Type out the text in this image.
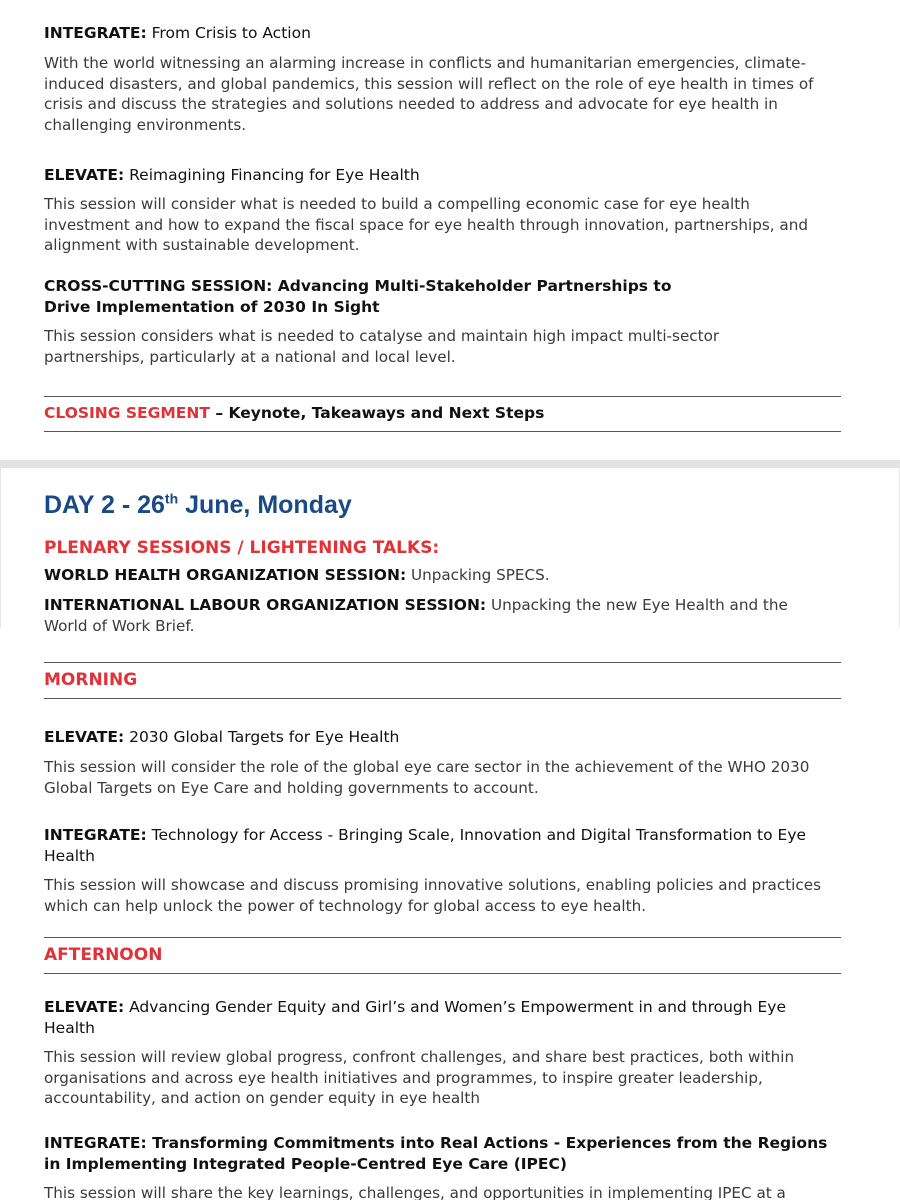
INTEGRATE: From Crisis to Action

With the world witnessing an alarming increase in conflicts and humanitarian emergencies, climate-induced disasters, and global pandemics, this session will reflect on the role of eye health in times of crisis and discuss the strategies and solutions needed to address and advocate for eye health in challenging environments.

ELEVATE: Reimagining Financing for Eye Health

This session will consider what is needed to build a compelling economic case for eye health investment and how to expand the fiscal space for eye health through innovation, partnerships, and alignment with sustainable development.

CROSS-CUTTING SESSION: Advancing Multi-Stakeholder Partnerships to
Drive Implementation of 2030 In Sight

This session considers what is needed to catalyse and maintain high impact multi-sector partnerships, particularly at a national and local level.

CLOSING SEGMENT – Keynote, Takeaways and Next Steps

DAY 2 - 26th June, Monday
PLENARY SESSIONS / LIGHTENING TALKS:

WORLD HEALTH ORGANIZATION SESSION: Unpacking SPECS.

INTERNATIONAL LABOUR ORGANIZATION SESSION: Unpacking the new Eye Health and the World of Work Brief.

MORNING

ELEVATE: 2030 Global Targets for Eye Health

This session will consider the role of the global eye care sector in the achievement of the WHO 2030 Global Targets on Eye Care and holding governments to account.

INTEGRATE: Technology for Access - Bringing Scale, Innovation and Digital Transformation to Eye Health

This session will showcase and discuss promising innovative solutions, enabling policies and practices which can help unlock the power of technology for global access to eye health.

AFTERNOON

ELEVATE: Advancing Gender Equity and Girl’s and Women’s Empowerment in and through Eye Health

This session will review global progress, confront challenges, and share best practices, both within organisations and across eye health initiatives and programmes, to inspire greater leadership, accountability, and action on gender equity in eye health

INTEGRATE: Transforming Commitments into Real Actions - Experiences from the Regions in Implementing Integrated People-Centred Eye Care (IPEC)

This session will share the key learnings, challenges, and opportunities in implementing IPEC at a
